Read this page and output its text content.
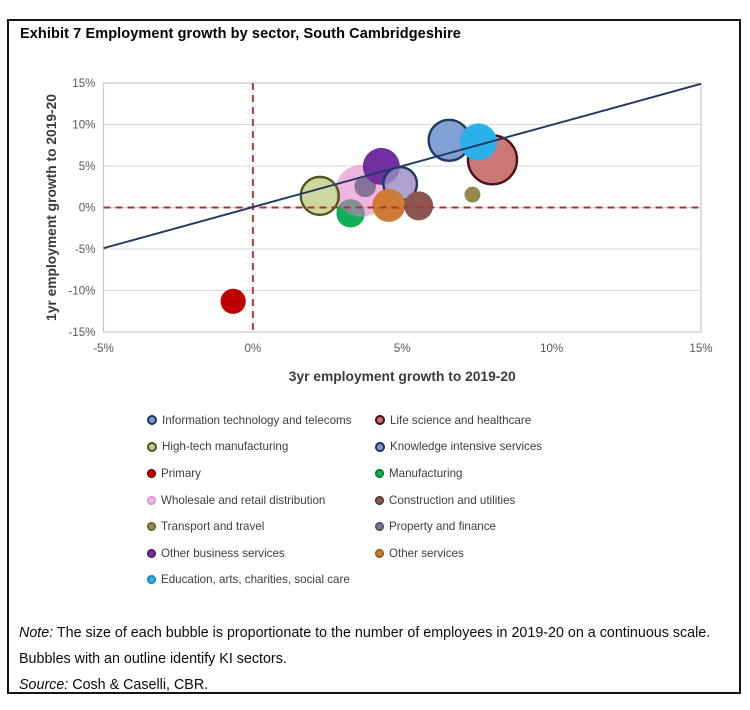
Exhibit 7 Employment growth by sector, South Cambridgeshire
15%
10%
5%
0%
-5%
-10%
-15%
-5%	0%	5%	10%	15%
3yr employment growth to 2019-20
1yr employment growth to 2019-20
Information technology and telecoms	Life science and healthcare
High-tech manufacturing	Knowledge intensive services
Primary	Manufacturing
Wholesale and retail distribution	Construction and utilities
Transport and travel	Property and finance
Other business services	Other services
Education, arts, charities, social care

Note: The size of each bubble is proportionate to the number of employees in 2019-20 on a continuous scale. Bubbles with an outline identify KI sectors.

Source: Cosh & Caselli, CBR.
